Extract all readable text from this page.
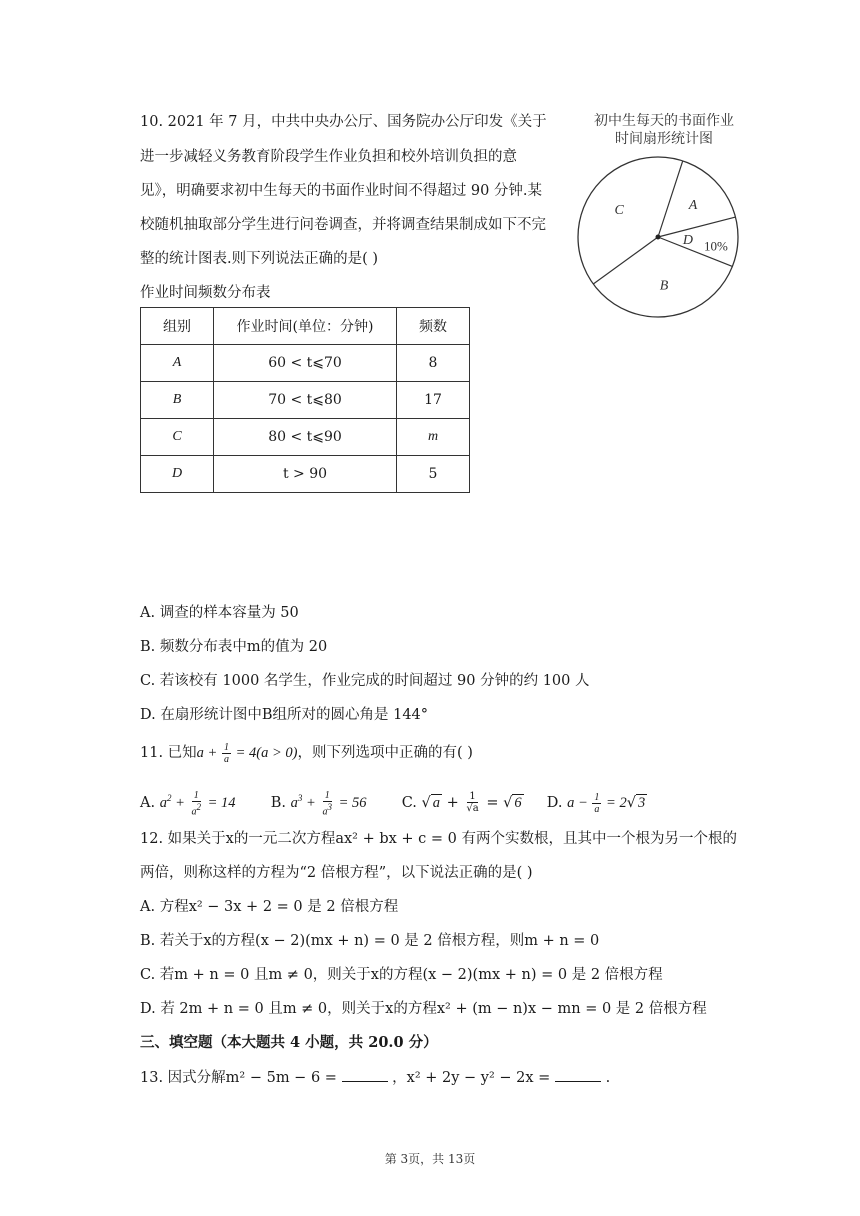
10. 2021 年 7 月，中共中央办公厅、国务院办公厅印发《关于
进一步减轻义务教育阶段学生作业负担和校外培训负担的意
见》，明确要求初中生每天的书面作业时间不得超过 90 分钟.某
校随机抽取部分学生进行问卷调查，并将调查结果制成如下不完
整的统计图表.则下列说法正确的是( )
作业时间频数分布表
组别	作业时间(单位：分钟)	频数
A	60 < t⩽70	8
B	70 < t⩽80	17
C	80 < t⩽90	m
D	t > 90	5
初中生每天的书面作业
时间扇形统计图
A
D 10%
B
C
A. 调查的样本容量为 50
B. 频数分布表中m的值为 20
C. 若该校有 1000 名学生，作业完成的时间超过 90 分钟的约 100 人
D. 在扇形统计图中B组所对的圆心角是 144°
11. 已知$a + \frac{1}{a} = 4(a > 0)$，则下列选项中正确的有( )
A. $a^2 + \frac{1}{a^2} = 14$ B. $a^3 + \frac{1}{a^3} = 56$ C. √ $a + \frac{1}{√a}$ = √ 6 D. $a - \frac{1}{a} = 2√$ 3
12. 如果关于x的一元二次方程ax² + bx + c = 0 有两个实数根，且其中一个根为另一个根的
两倍，则称这样的方程为“2 倍根方程”，以下说法正确的是( )
A. 方程x² − 3x + 2 = 0 是 2 倍根方程
B. 若关于x的方程(x − 2)(mx + n) = 0 是 2 倍根方程，则m + n = 0
C. 若m + n = 0 且m ≠ 0，则关于x的方程(x − 2)(mx + n) = 0 是 2 倍根方程
D. 若 2m + n = 0 且m ≠ 0，则关于x的方程x² + (m − n)x − mn = 0 是 2 倍根方程
三、填空题（本大题共 4 小题，共 20.0 分）
13. 因式分解m² − 5m − 6 =	，x² + 2y − y² − 2x =	.
第 3页，共 13页
